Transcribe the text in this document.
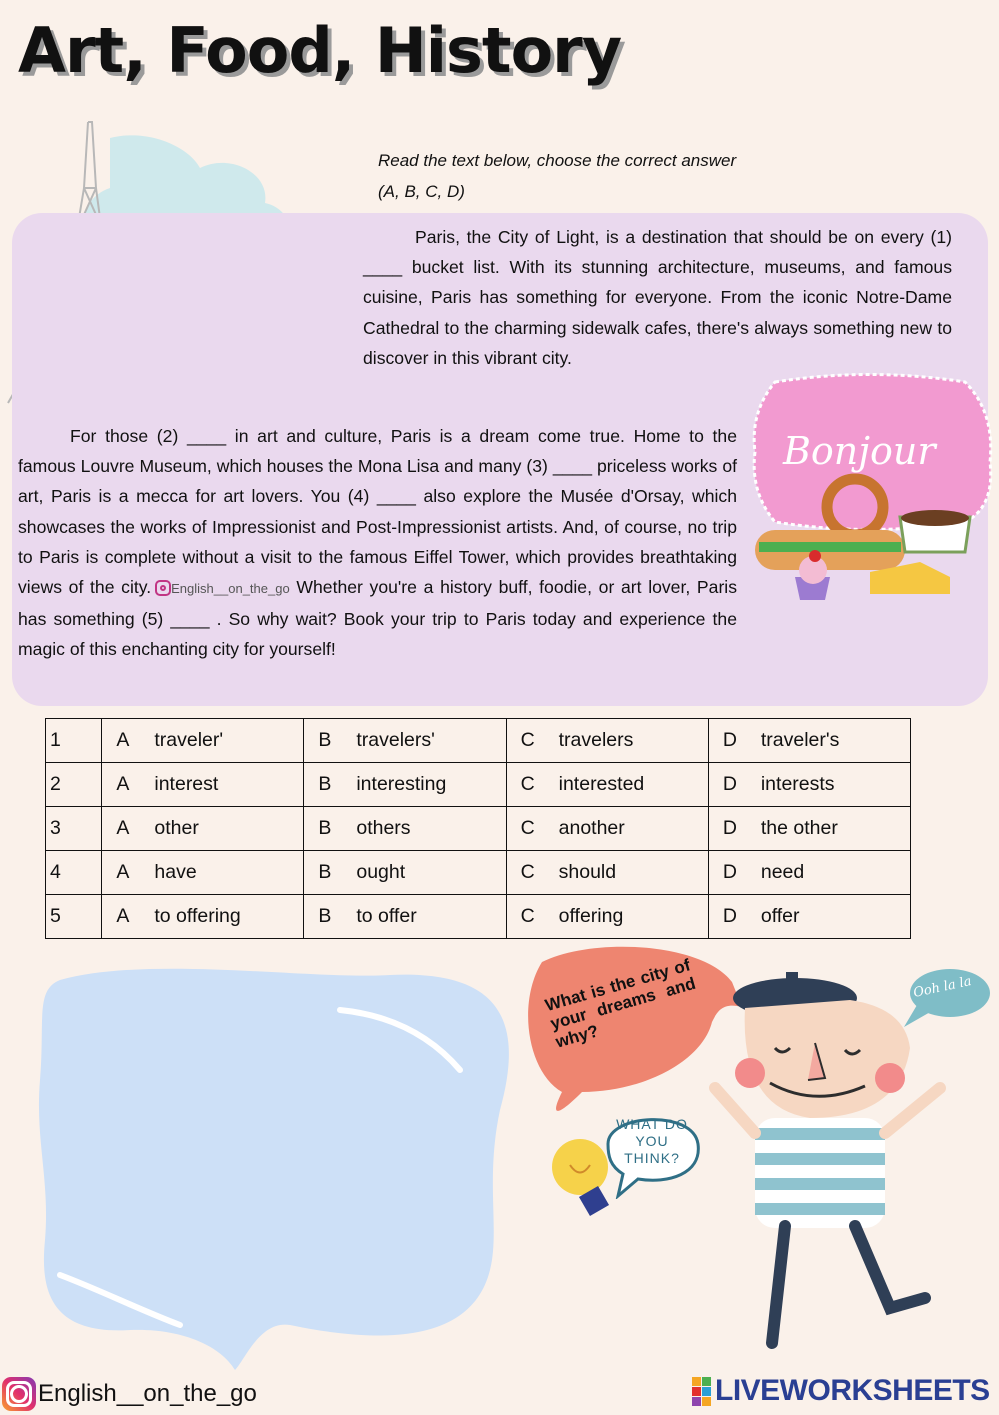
Art, Food, History
Read the text below, choose the correct answer (A, B, C, D)

Paris, the City of Light, is a destination that should be on every (1) ____ bucket list. With its stunning architecture, museums, and famous cuisine, Paris has something for everyone. From the iconic Notre-Dame Cathedral to the charming sidewalk cafes, there's always something new to discover in this vibrant city.

Bonjour

For those (2) ____ in art and culture, Paris is a dream come true. Home to the famous Louvre Museum, which houses the Mona Lisa and many (3) ____ priceless works of art, Paris is a mecca for art lovers. You (4) ____ also explore the Musée d'Orsay, which showcases the works of Impressionist and Post-Impressionist artists. And, of course, no trip to Paris is complete without a visit to the famous Eiffel Tower, which provides breathtaking views of the city. English__on_the_go Whether you're a history buff, foodie, or art lover, Paris has something (5) ____ . So why wait? Book your trip to Paris today and experience the magic of this enchanting city for yourself!

1	A traveler'	B travelers'	C travelers	D traveler's
2	A interest	B interesting	C interested	D interests
3	A other	B others	C another	D the other
4	A have	B ought	C should	D need
5	A to offering	B to offer	C offering	D offer
What is the city of your dreams and why?
WHAT DO YOU THINK?
Ooh la la
English__on_the_go	LIVEWORKSHEETS
